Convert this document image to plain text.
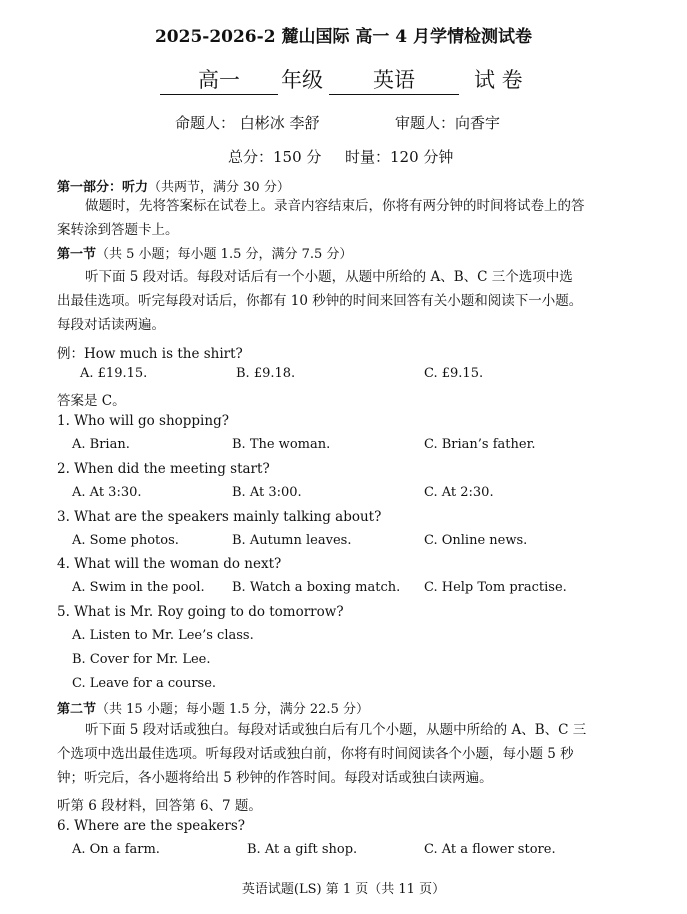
2025-2026-2 麓山国际 高一 4 月学情检测试卷
高一	年级	英语	试 卷
命题人： 白彬冰 李舒	审题人：向香宇
总分：150 分 时量：120 分钟
第一部分：听力（共两节，满分 30 分）
做题时，先将答案标在试卷上。录音内容结束后，你将有两分钟的时间将试卷上的答
案转涂到答题卡上。
第一节（共 5 小题；每小题 1.5 分，满分 7.5 分）
听下面 5 段对话。每段对话后有一个小题，从题中所给的 A、B、C 三个选项中选
出最佳选项。听完每段对话后，你都有 10 秒钟的时间来回答有关小题和阅读下一小题。
每段对话读两遍。
例：How much is the shirt?
A. £19.15.	B. £9.18.	C. £9.15.
答案是 C。
1. Who will go shopping?
A. Brian.	B. The woman.	C. Brian’s father.
2. When did the meeting start?
A. At 3:30.	B. At 3:00.	C. At 2:30.
3. What are the speakers mainly talking about?
A. Some photos.	B. Autumn leaves.	C. Online news.
4. What will the woman do next?
A. Swim in the pool. B. Watch a boxing match. C. Help Tom practise.
5. What is Mr. Roy going to do tomorrow?
A. Listen to Mr. Lee’s class.
B. Cover for Mr. Lee.
C. Leave for a course.
第二节（共 15 小题；每小题 1.5 分，满分 22.5 分）
听下面 5 段对话或独白。每段对话或独白后有几个小题，从题中所给的 A、B、C 三
个选项中选出最佳选项。听每段对话或独白前，你将有时间阅读各个小题，每小题 5 秒
钟；听完后，各小题将给出 5 秒钟的作答时间。每段对话或独白读两遍。
听第 6 段材料，回答第 6、7 题。
6. Where are the speakers?
A. On a farm.	B. At a gift shop.	C. At a flower store.
英语试题(LS) 第 1 页（共 11 页）
